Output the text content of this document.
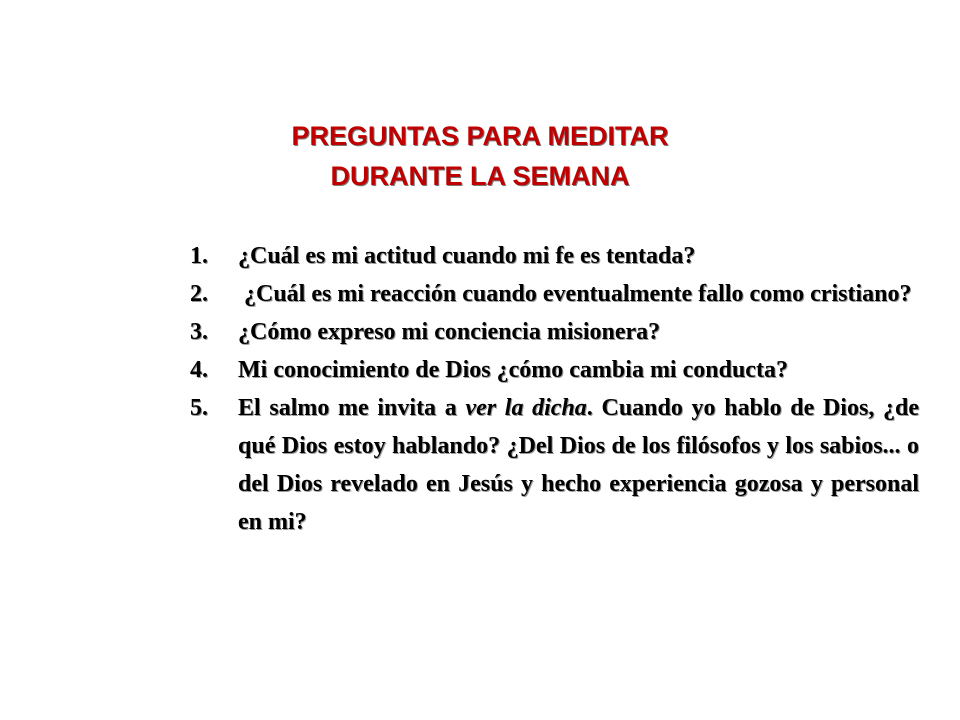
PREGUNTAS PARA MEDITAR
DURANTE LA SEMANA
1. ¿Cuál es mi actitud cuando mi fe es tentada?
2. ¿Cuál es mi reacción cuando eventualmente fallo como cristiano?
3. ¿Cómo expreso mi conciencia misionera?
4. Mi conocimiento de Dios ¿cómo cambia mi conducta?
5. El salmo me invita a ver la dicha. Cuando yo hablo de Dios, ¿de qué Dios estoy hablando? ¿Del Dios de los filósofos y los sabios... o del Dios revelado en Jesús y hecho experiencia gozosa y personal en mi?
